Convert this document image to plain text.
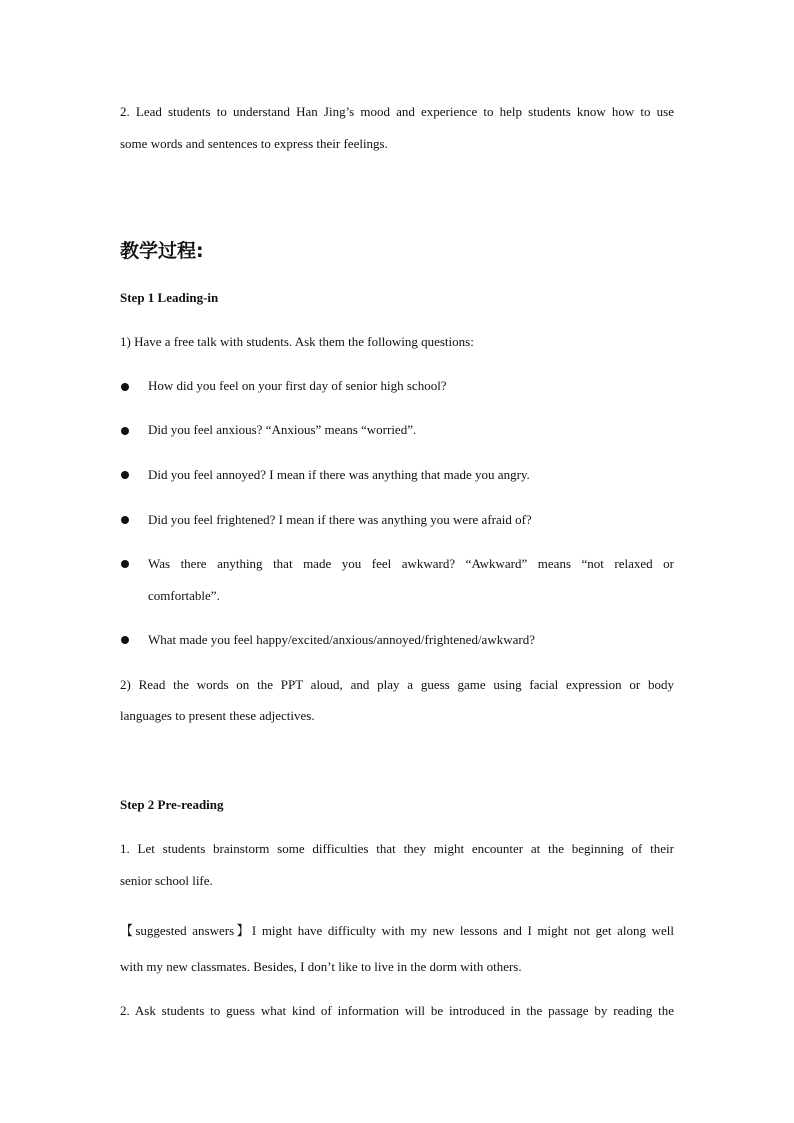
2. Lead students to understand Han Jing’s mood and experience to help students know how to use
some words and sentences to express their feelings.
教学过程:
Step 1 Leading-in
1) Have a free talk with students. Ask them the following questions:
How did you feel on your first day of senior high school?
Did you feel anxious? “Anxious” means “worried”.
Did you feel annoyed? I mean if there was anything that made you angry.
Did you feel frightened? I mean if there was anything you were afraid of?
Was there anything that made you feel awkward? “Awkward” means “not relaxed or
comfortable”.
What made you feel happy/excited/anxious/annoyed/frightened/awkward?
2) Read the words on the PPT aloud, and play a guess game using facial expression or body
languages to present these adjectives.
Step 2 Pre-reading
1. Let students brainstorm some difficulties that they might encounter at the beginning of their
senior school life.
【suggested answers】I might have difficulty with my new lessons and I might not get along well
with my new classmates. Besides, I don’t like to live in the dorm with others.
2. Ask students to guess what kind of information will be introduced in the passage by reading the
